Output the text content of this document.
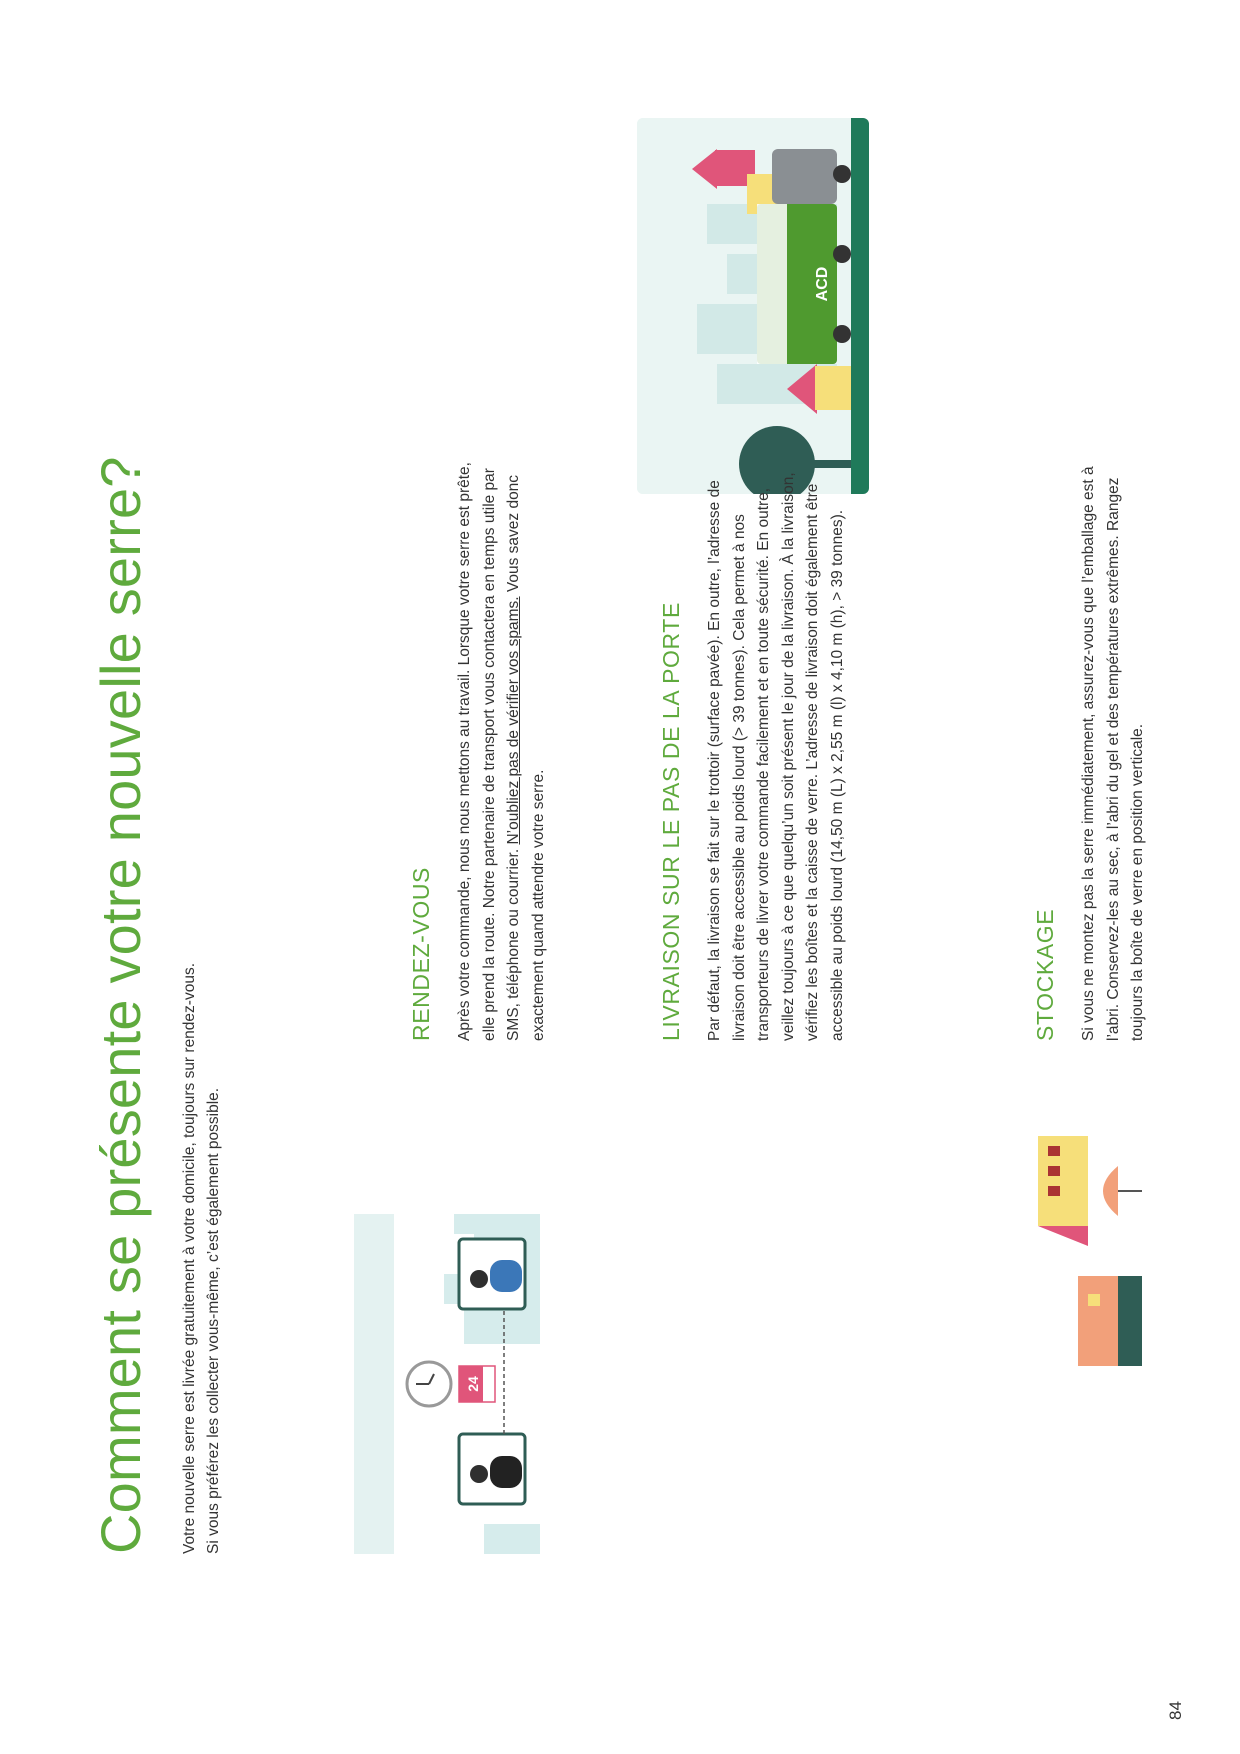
84
Comment se présente votre nouvelle serre? Votre nouvelle serre est livrée gratuitement à votre domicile, toujours sur rendez-vous. Si vous préférez les collecter vous-même, c’est également possible.	24
RENDEZ-VOUS Après votre commande, nous nous mettons au travail. Lorsque votre serre est prête, elle prend la route. Notre partenaire de transport vous contactera en temps utile par SMS, téléphone ou courrier. N’oubliez pas de vérifier vos spams. Vous savez donc exactement quand attendre votre serre.

ACD
LIVRAISON SUR LE PAS DE LA PORTE Par défaut, la livraison se fait sur le trottoir (surface pavée). En outre, l’adresse de livraison doit être accessible au poids lourd (> 39 tonnes). Cela permet à nos transporteurs de livrer votre commande facilement et en toute sécurité. En outre, veillez toujours à ce que quelqu’un soit présent le jour de la livraison. À la livraison, vérifiez les boîtes et la caisse de verre. L’adresse de livraison doit également être accessible au poids lourd (14,50 m (L) x 2,55 m (l) x 4,10 m (h), > 39 tonnes).	STOCKAGE Si vous ne montez pas la serre immédiatement, assurez-vous que l’emballage est à l’abri. Conservez-les au sec, à l’abri du gel et des températures extrêmes. Rangez toujours la boîte de verre en position verticale.
